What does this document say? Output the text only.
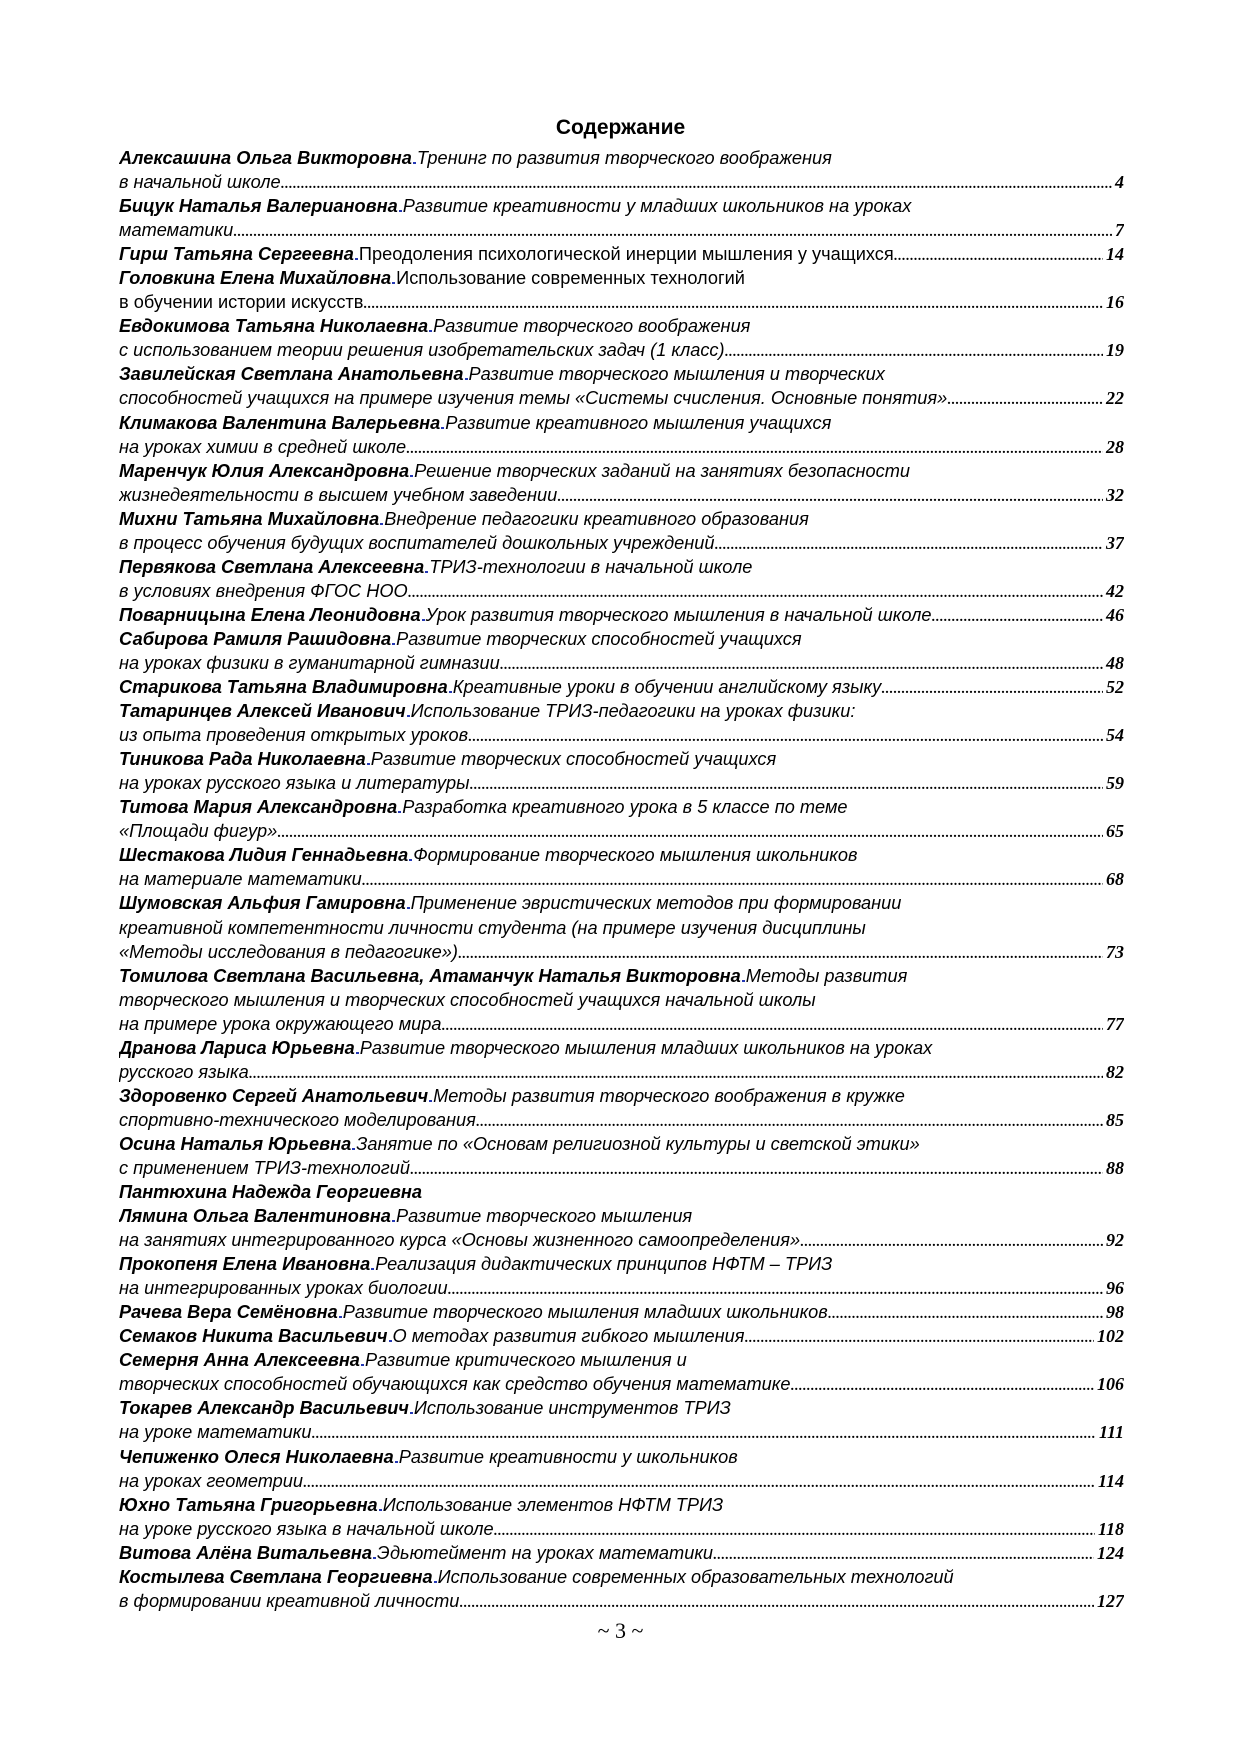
Содержание
Алексашина Ольга Викторовна Тренинг по развития творческого воображения
в начальной школе .....	4
Бицук Наталья Валериановна Развитие креативности у младших школьников на уроках
математики .....	7
Гирш Татьяна Сергеевна Преодоления психологической инерции мышления у учащихся .....	14
Головкина Елена Михайловна Использование современных технологий
в обучении истории искусств .....	16
Евдокимова Татьяна Николаевна Развитие творческого воображения
с использованием теории решения изобретательских задач (1 класс) .....	19
Завилейская Светлана Анатольевна Развитие творческого мышления и творческих
способностей учащихся на примере изучения темы «Системы счисления. Основные понятия» .....	22
Климакова Валентина Валерьевна Развитие креативного мышления учащихся
на уроках химии в средней школе .....	28
Маренчук Юлия Александровна Решение творческих заданий на занятиях безопасности
жизнедеятельности в высшем учебном заведении .....	32
Михни Татьяна Михайловна Внедрение педагогики креативного образования
в процесс обучения будущих воспитателей дошкольных учреждений .....	37
Первякова Светлана Алексеевна ТРИЗ-технологии в начальной школе
в условиях внедрения ФГОС НОО .....	42
Поварницына Елена Леонидовна Урок развития творческого мышления в начальной школе .....	46
Сабирова Рамиля Рашидовна Развитие творческих способностей учащихся
на уроках физики в гуманитарной гимназии .....	48
Старикова Татьяна Владимировна Креативные уроки в обучении английскому языку .....	52
Татаринцев Алексей Иванович Использование ТРИЗ-педагогики на уроках физики:
из опыта проведения открытых уроков .....	54
Тиникова Рада Николаевна Развитие творческих способностей учащихся
на уроках русского языка и литературы .....	59
Титова Мария Александровна Разработка креативного урока в 5 классе по теме
«Площади фигур» .....	65
Шестакова Лидия Геннадьевна Формирование творческого мышления школьников
на материале математики .....	68
Шумовская Альфия Гамировна Применение эвристических методов при формировании
креативной компетентности личности студента (на примере изучения дисциплины
«Методы исследования в педагогике») .....	73
Томилова Светлана Васильевна, Атаманчук Наталья Викторовна Методы развития
творческого мышления и творческих способностей учащихся начальной школы
на примере урока окружающего мира .....	77
Дранова Лариса Юрьевна Развитие творческого мышления младших школьников на уроках
русского языка .....	82
Здоровенко Сергей Анатольевич Методы развития творческого воображения в кружке
спортивно-технического моделирования .....	85
Осина Наталья Юрьевна Занятие по «Основам религиозной культуры и светской этики»
с применением ТРИЗ-технологий .....	88
Пантюхина Надежда Георгиевна
Лямина Ольга Валентиновна Развитие творческого мышления
на занятиях интегрированного курса «Основы жизненного самоопределения» .....	92
Прокопеня Елена Ивановна Реализация дидактических принципов НФТМ – ТРИЗ
на интегрированных уроках биологии .....	96
Рачева Вера Семёновна Развитие творческого мышления младших школьников .....	98
Семаков Никита Васильевич О методах развития гибкого мышления .....	102
Семерня Анна Алексеевна Развитие критического мышления и
творческих способностей обучающихся как средство обучения математике .....	106
Токарев Александр Васильевич Использование инструментов ТРИЗ
на уроке математики .....	111
Чепиженко Олеся Николаевна Развитие креативности у школьников
на уроках геометрии .....	114
Юхно Татьяна Григорьевна Использование элементов НФТМ ТРИЗ
на уроке русского языка в начальной школе .....	118
Витова Алёна Витальевна Эдьютеймент на уроках математики .....	124
Костылева Светлана Георгиевна Использование современных образовательных технологий
в формировании креативной личности .....	127
~ 3 ~
